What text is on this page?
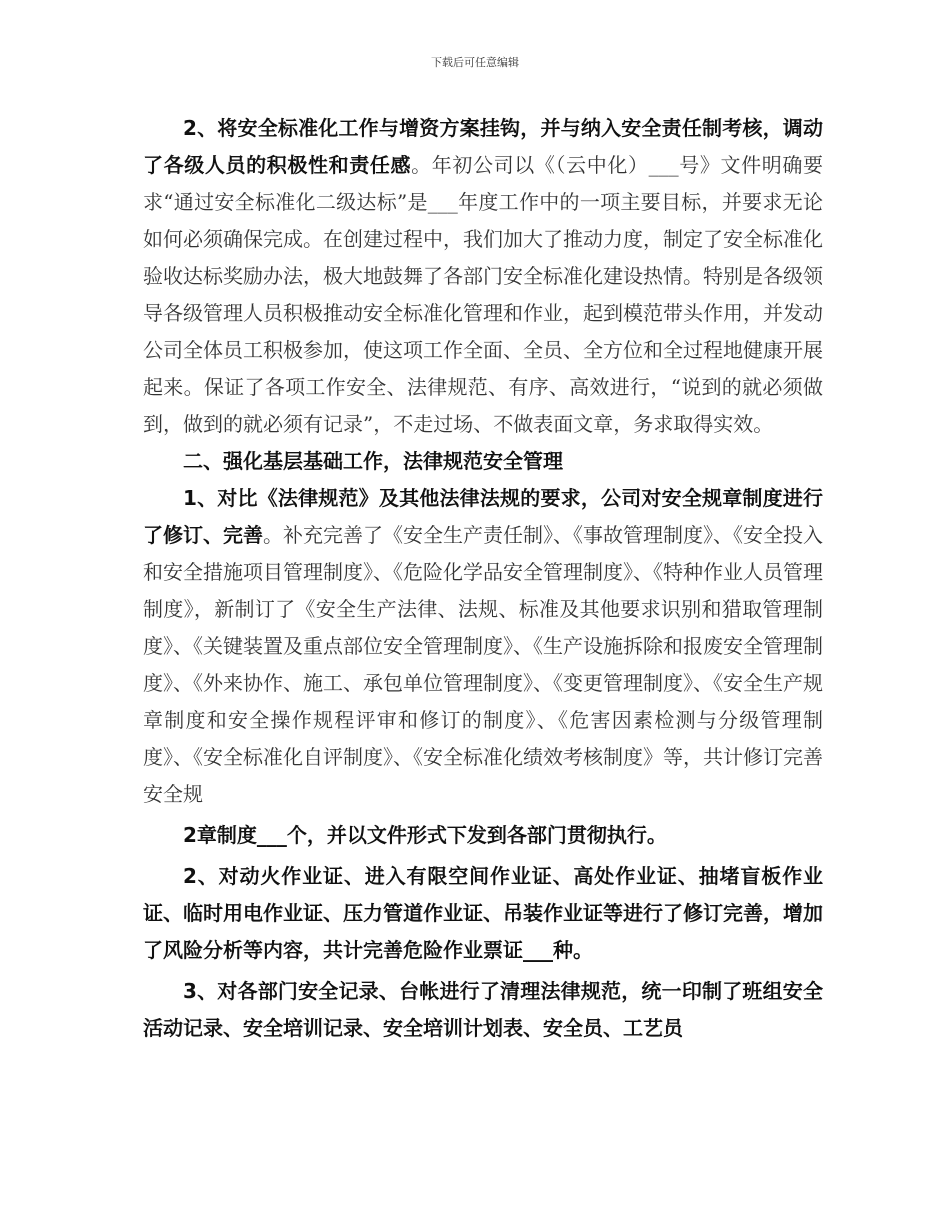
下载后可任意编辑

2、将安全标准化工作与增资方案挂钩，并与纳入安全责任制考核，调动了各级人员的积极性和责任感。年初公司以《（云中化）___号》文件明确要求“通过安全标准化二级达标”是___年度工作中的一项主要目标，并要求无论如何必须确保完成。在创建过程中，我们加大了推动力度，制定了安全标准化验收达标奖励办法，极大地鼓舞了各部门安全标准化建设热情。特别是各级领导各级管理人员积极推动安全标准化管理和作业，起到模范带头作用，并发动公司全体员工积极参加，使这项工作全面、全员、全方位和全过程地健康开展起来。保证了各项工作安全、法律规范、有序、高效进行，“说到的就必须做到，做到的就必须有记录”，不走过场、不做表面文章，务求取得实效。

二、强化基层基础工作，法律规范安全管理

1、对比《法律规范》及其他法律法规的要求，公司对安全规章制度进行了修订、完善。补充完善了《安全生产责任制》、《事故管理制度》、《安全投入和安全措施项目管理制度》、《危险化学品安全管理制度》、《特种作业人员管理制度》，新制订了《安全生产法律、法规、标准及其他要求识别和猎取管理制度》、《关键装置及重点部位安全管理制度》、《生产设施拆除和报废安全管理制度》、《外来协作、施工、承包单位管理制度》、《变更管理制度》、《安全生产规章制度和安全操作规程评审和修订的制度》、《危害因素检测与分级管理制度》、《安全标准化自评制度》、《安全标准化绩效考核制度》等，共计修订完善安全规

2章制度___个，并以文件形式下发到各部门贯彻执行。

2、对动火作业证、进入有限空间作业证、高处作业证、抽堵盲板作业证、临时用电作业证、压力管道作业证、吊装作业证等进行了修订完善，增加了风险分析等内容，共计完善危险作业票证___种。

3、对各部门安全记录、台帐进行了清理法律规范，统一印制了班组安全活动记录、安全培训记录、安全培训计划表、安全员、工艺员
